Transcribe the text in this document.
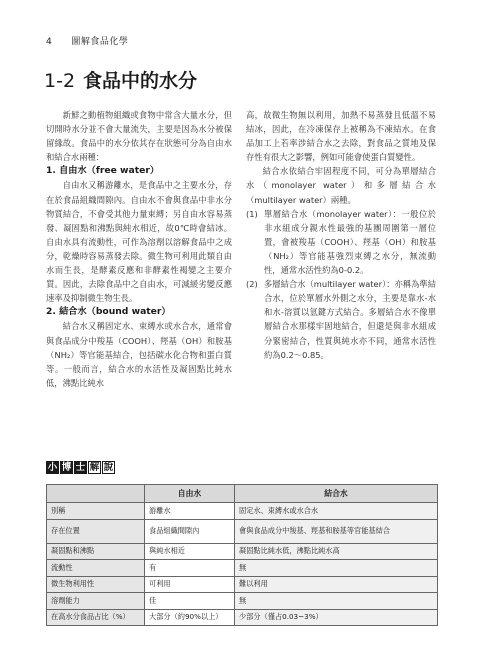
4 圖解食品化學
1-2 食品中的水分

新鮮之動植物組織或食物中常含大量水分，但切開時水分並不會大量流失，主要是因為水分被保留緣故。食品中的水分依其存在狀態可分為自由水和結合水兩種：

1. 自由水（free water）

自由水又稱游離水，是食品中之主要水分，存在於食品組織間隙內。自由水不會與食品中非水分物質結合，不會受其他力量束縛；另自由水容易蒸發、凝固點和沸點與純水相近，故0℃時會結冰。自由水具有流動性，可作為溶劑以溶解食品中之成分，乾燥時容易蒸發去除。微生物可利用此類自由水而生長，是酵素反應和非酵素性褐變之主要介質。因此，去除食品中之自由水，可減緩劣變反應速率及抑制微生物生長。

2. 結合水（bound water）

結合水又稱固定水、束縛水或水合水，通常會與食品成分中羧基（COOH）、羥基（OH）和胺基（NH₂）等官能基結合，包括碳水化合物和蛋白質等。一般而言，結合水的水活性及凝固點比純水低，沸點比純水

高，故微生物無以利用，加熱不易蒸發且低溫不易結冰，因此，在冷凍保存上被稱為不凍結水。在食品加工上若率涉結合水之去除，對食品之質地及保存性有很大之影響，例如可能會使蛋白質變性。

結合水依結合牢固程度不同，可分為單層結合水（monolayer water）和多層結合水（multilayer water）兩種。

(1) 單層結合水（monolayer water）：一般位於非水組成分親水性最強的基團周圍第一層位置，會被羧基（COOH）、羥基（OH）和胺基（NH₂）等官能基強烈束縛之水分，無流動性，通常水活性約為0-0.2。
(2) 多層結合水（multilayer water）：亦稱為準結合水，位於單層水外側之水分，主要是靠水-水和水-溶質以氫鍵方式結合。多層結合水不像單層結合水那樣牢固地結合，但還是與非水組成分緊密結合，性質與純水亦不同，通常水活性約為0.2～0.85。
小 博 士 解 說
	自由水	結合水
別稱	游離水	固定水、束縛水或水合水
存在位置	食品組織間隙內	會與食品成分中羧基、羥基和胺基等官能基結合
凝固點和沸點	與純水相近	凝固點比純水低，沸點比純水高
流動性	有	無
微生物利用性	可利用	難以利用
溶劑能力	佳	無
在高水分食品占比（%）	大部分（約90%以上）	少部分（僅占0.03~3%）
